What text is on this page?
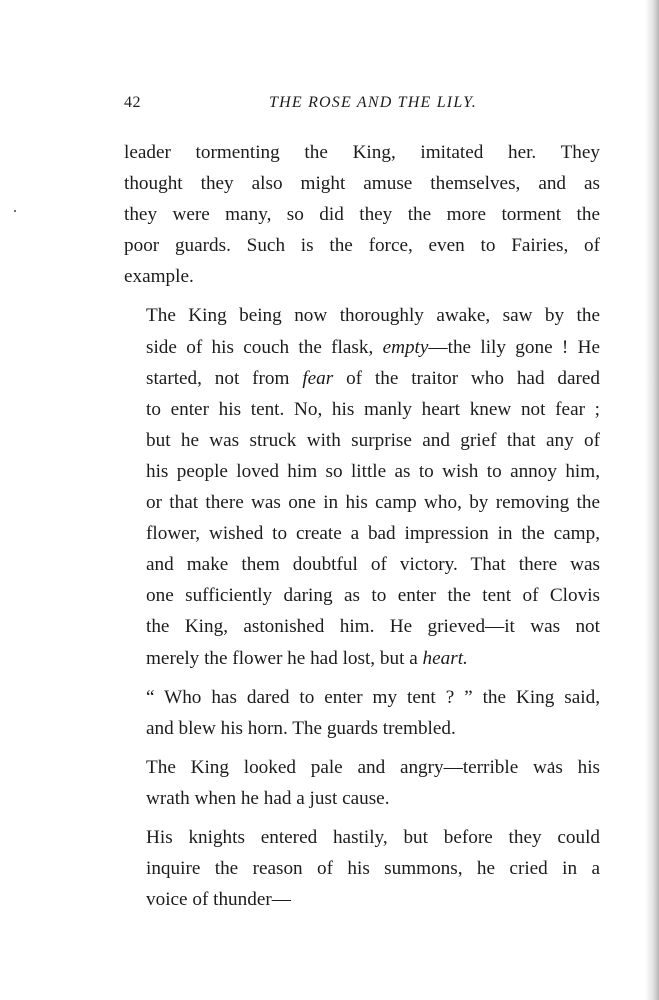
42	THE ROSE AND THE LILY.

leader tormenting the King, imitated her. They
thought they also might amuse themselves, and as
they were many, so did they the more torment the
poor guards. Such is the force, even to Fairies, of
example.

The King being now thoroughly awake, saw by the
side of his couch the flask, empty—the lily gone ! He
started, not from fear of the traitor who had dared
to enter his tent. No, his manly heart knew not fear ;
but he was struck with surprise and grief that any of
his people loved him so little as to wish to annoy him,
or that there was one in his camp who, by removing the
flower, wished to create a bad impression in the camp,
and make them doubtful of victory. That there was
one sufficiently daring as to enter the tent of Clovis
the King, astonished him. He grieved—it was not
merely the flower he had lost, but a heart.

“ Who has dared to enter my tent ? ” the King said,
and blew his horn. The guards trembled.

The King looked pale and angry—terrible was his
wrath when he had a just cause.

His knights entered hastily, but before they could
inquire the reason of his summons, he cried in a
voice of thunder—
